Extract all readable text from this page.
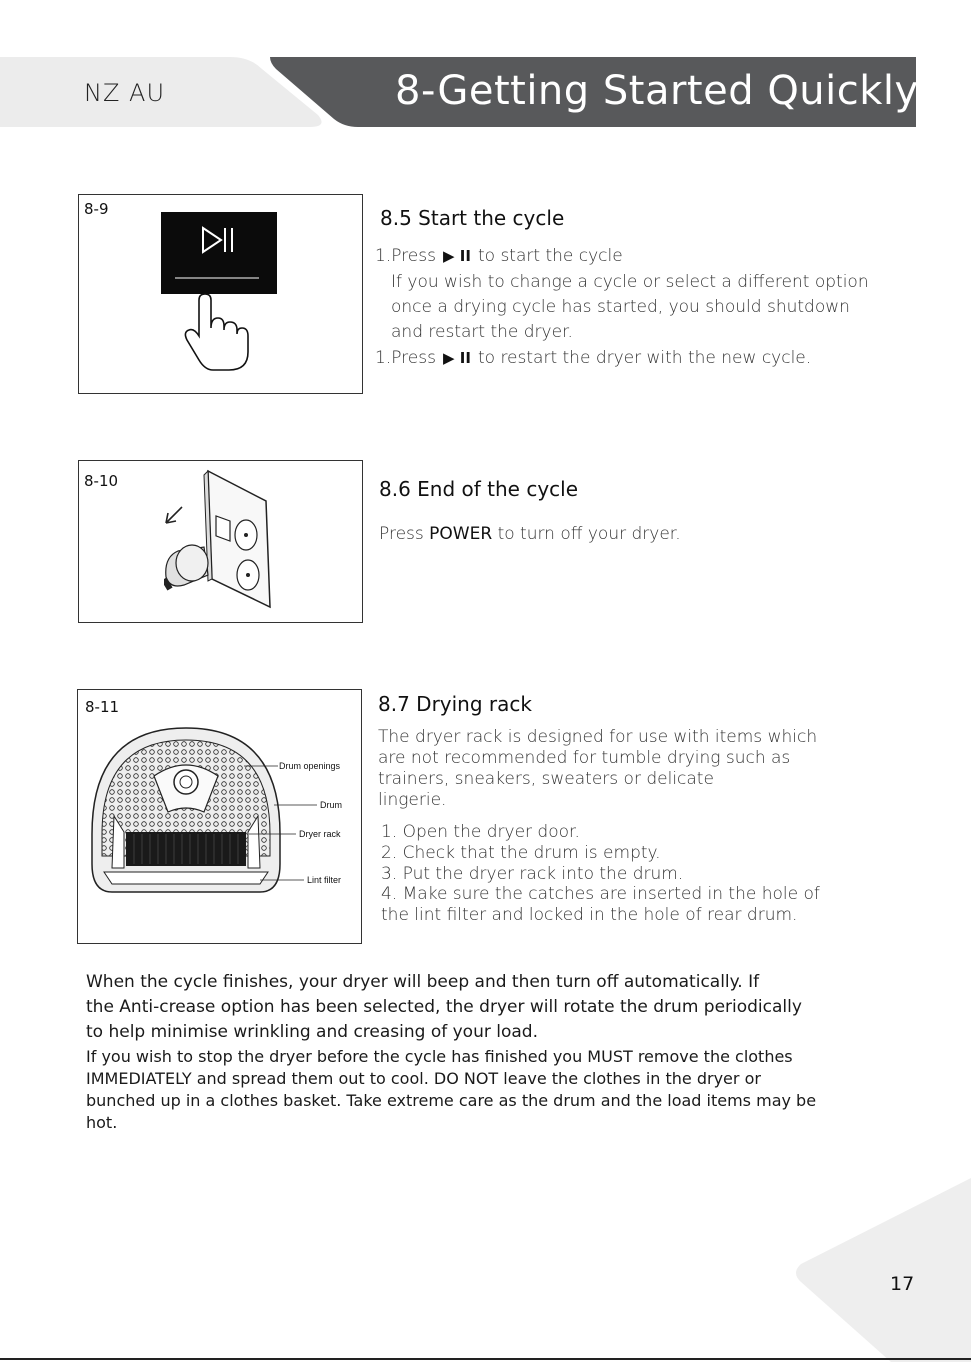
NZ AU	8-Getting Started Quickly
8-9	8.5 Start the cycle
1.Press ▶ II to start the cycle
If you wish to change a cycle or select a different option
once a drying cycle has started, you should shutdown
and restart the dryer.
1.Press ▶ II to restart the dryer with the new cycle.
8-10	8.6 End of the cycle
Press POWER to turn off your dryer.
8-11
Drum openings
Drum
Dryer rack
Lint filter
8.7 Drying rack
The dryer rack is designed for use with items which
are not recommended for tumble drying such as
trainers, sneakers, sweaters or delicate
lingerie.
1. Open the dryer door.
2. Check that the drum is empty.
3. Put the dryer rack into the drum.
4. Make sure the catches are inserted in the hole of
the lint filter and locked in the hole of rear drum.
When the cycle finishes, your dryer will beep and then turn off automatically. If
the Anti-crease option has been selected, the dryer will rotate the drum periodically
to help minimise wrinkling and creasing of your load.
If you wish to stop the dryer before the cycle has finished you MUST remove the clothes
IMMEDIATELY and spread them out to cool. DO NOT leave the clothes in the dryer or
bunched up in a clothes basket. Take extreme care as the drum and the load items may be
hot.
17
